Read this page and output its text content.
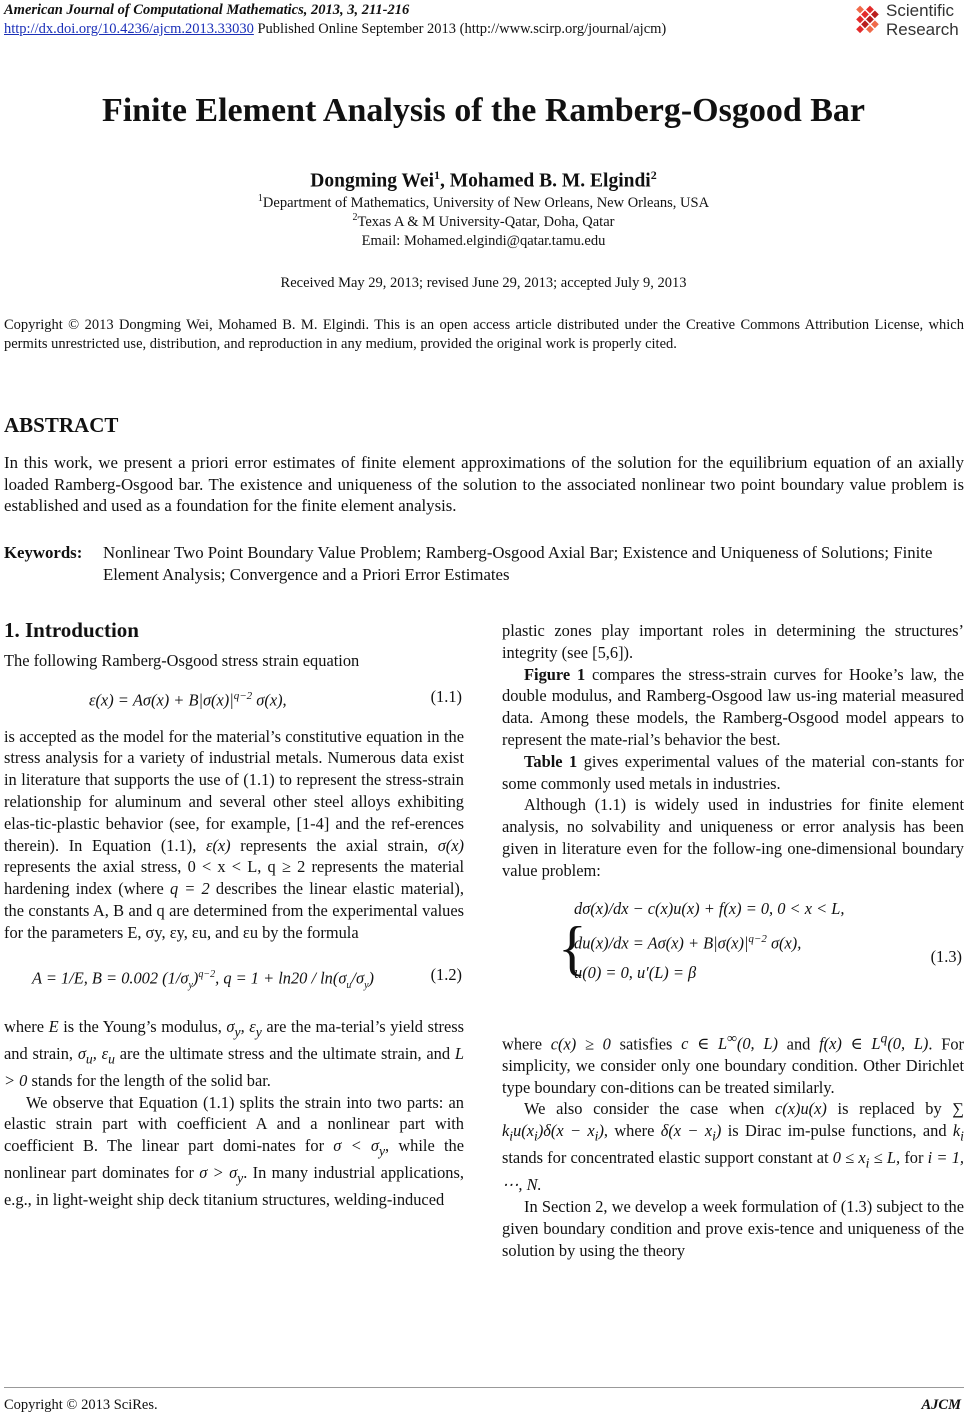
American Journal of Computational Mathematics, 2013, 3, 211-216
http://dx.doi.org/10.4236/ajcm.2013.33030 Published Online September 2013 (http://www.scirp.org/journal/ajcm)
Scientific
Research
Finite Element Analysis of the Ramberg-Osgood Bar
Dongming Wei$^1$, Mohamed B. M. Elgindi$^2$
$^1$Department of Mathematics, University of New Orleans, New Orleans, USA
$^2$Texas A & M University-Qatar, Doha, Qatar
Email: Mohamed.elgindi@qatar.tamu.edu
Received May 29, 2013; revised June 29, 2013; accepted July 9, 2013
Copyright © 2013 Dongming Wei, Mohamed B. M. Elgindi. This is an open access article distributed under the Creative Commons Attribution License, which permits unrestricted use, distribution, and reproduction in any medium, provided the original work is properly cited.
ABSTRACT
In this work, we present a priori error estimates of finite element approximations of the solution for the equilibrium equation of an axially loaded Ramberg-Osgood bar. The existence and uniqueness of the solution to the associated nonlinear two point boundary value problem is established and used as a foundation for the finite element analysis.
Keywords: Nonlinear Two Point Boundary Value Problem; Ramberg-Osgood Axial Bar; Existence and Uniqueness of Solutions; Finite Element Analysis; Convergence and a Priori Error Estimates
1. Introduction

The following Ramberg-Osgood stress strain equation

$\varepsilon(x) = A\sigma(x) + B|\sigma(x)|^{q-2}$ σ(x),	(1.1)

is accepted as the model for the material’s constitutive equation in the stress analysis for a variety of industrial metals. Numerous data exist in literature that supports the use of (1.1) to represent the stress-strain relationship for aluminum and several other steel alloys exhibiting elas-tic-plastic behavior (see, for example, [1-4] and the ref-erences therein). In Equation (1.1), ε(x) represents the axial strain, σ(x) represents the axial stress, 0 < x < L, q ≥ 2 represents the material hardening index (where q = 2 describes the linear elastic material), the constants A, B and q are determined from the experimental values for the parameters E, σy, εy, εu, and εu by the formula

A = 1/E, B = 0.002 $(1/\sigma_y)^{q-2}$, $q = 1 + \ln 20 / \ln(\sigma_u/\sigma_y)$	(1.2)

where E is the Young’s modulus, $\sigma_y$, $\varepsilon_y$ are the ma-terial’s yield stress and strain, $\sigma_u$, $\varepsilon_u$ are the ultimate stress and the ultimate strain, and L > 0 stands for the length of the solid bar.

We observe that Equation (1.1) splits the strain into two parts: an elastic strain part with coefficient A and a nonlinear part with coefficient B. The linear part domi-nates for $\sigma < \sigma_y$, while the nonlinear part dominates for $\sigma > \sigma_y$. In many industrial applications, e.g., in light-weight ship deck titanium structures, welding-induced

plastic zones play important roles in determining the structures’ integrity (see [5,6]).

Figure 1 compares the stress-strain curves for Hooke’s law, the double modulus, and Ramberg-Osgood law us-ing material measured data. Among these models, the Ramberg-Osgood model appears to represent the mate-rial’s behavior the best.

Table 1 gives experimental values of the material con-stants for some commonly used metals in industries.

Although (1.1) is widely used in industries for finite element analysis, no solvability and uniqueness or error analysis has been given in literature even for the follow-ing one-dimensional boundary value problem:

{
dσ(x)/dx − c(x)u(x) + f(x) = 0, 0 < x < L,
$du(x)/dx = A\sigma(x) + B|\sigma(x)|^{q-2}$ σ(x),
u(0) = 0, u′(L) = β
(1.3)

where c(x) ≥ 0 satisfies c ∈ L∞(0, L) and f(x) ∈ $L^q(0$, L). For simplicity, we consider only one boundary condition. Other Dirichlet type boundary con-ditions can be treated similarly.

We also consider the case when c(x)u(x) is replaced by ∑ $k_iu(x_i)\delta(x - x_i)$, where $\delta(x - x_i)$ is Dirac im-pulse functions, and $k_i$ stands for concentrated elastic support constant at $0 \le x_i \le L$, for i = 1, ⋯, N.

In Section 2, we develop a week formulation of (1.3) subject to the given boundary condition and prove exis-tence and uniqueness of the solution by using the theory

Copyright © 2013 SciRes.	AJCM
